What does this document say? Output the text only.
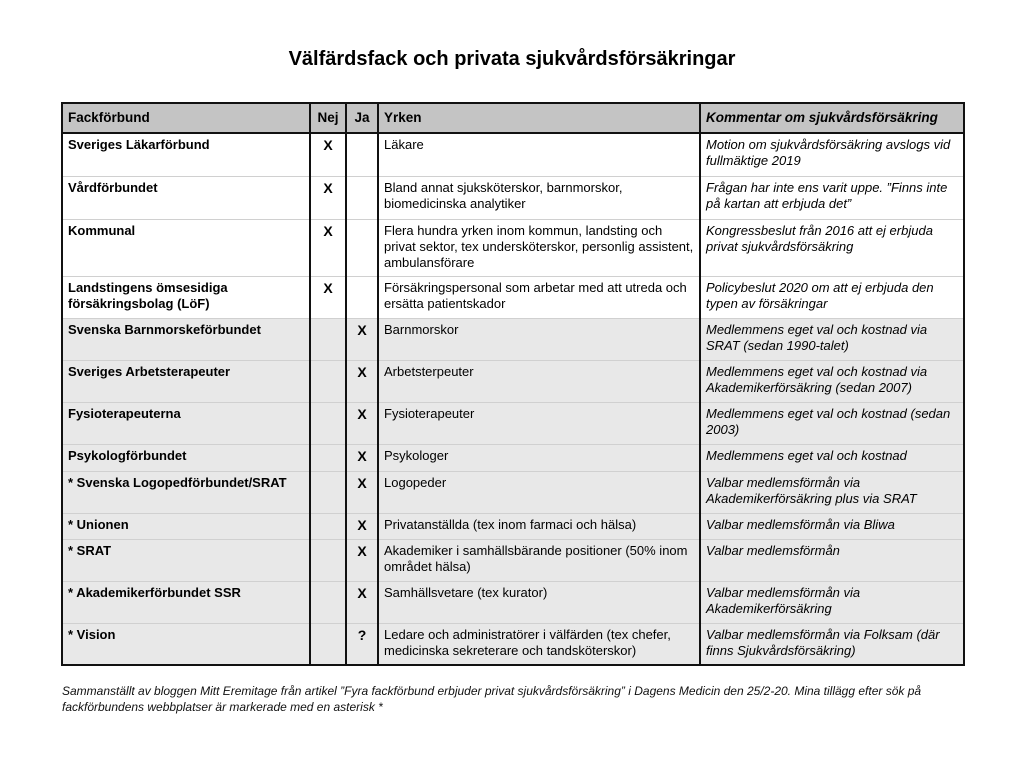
Välfärdsfack och privata sjukvårdsförsäkringar
Fackförbund	Nej	Ja	Yrken	Kommentar om sjukvårdsförsäkring
Sveriges Läkarförbund	X		Läkare	Motion om sjukvårdsförsäkring avslogs vid fullmäktige 2019
Vårdförbundet	X		Bland annat sjuksköterskor, barnmorskor, biomedicinska analytiker	Frågan har inte ens varit uppe. ”Finns inte på kartan att erbjuda det”
Kommunal	X		Flera hundra yrken inom kommun, landsting och privat sektor, tex undersköterskor, personlig assistent, ambulansförare	Kongressbeslut från 2016 att ej erbjuda privat sjukvårdsförsäkring
Landstingens ömsesidiga försäkringsbolag (LöF)	X		Försäkringspersonal som arbetar med att utreda och ersätta patientskador	Policybeslut 2020 om att ej erbjuda den typen av försäkringar
Svenska Barnmorskeförbundet		X	Barnmorskor	Medlemmens eget val och kostnad via SRAT (sedan 1990-talet)
Sveriges Arbetsterapeuter		X	Arbetsterpeuter	Medlemmens eget val och kostnad via Akademikerförsäkring (sedan 2007)
Fysioterapeuterna		X	Fysioterapeuter	Medlemmens eget val och kostnad (sedan 2003)
Psykologförbundet		X	Psykologer	Medlemmens eget val och kostnad
* Svenska Logopedförbundet/SRAT		X	Logopeder	Valbar medlemsförmån via Akademikerförsäkring plus via SRAT
* Unionen		X	Privatanställda (tex inom farmaci och hälsa)	Valbar medlemsförmån via Bliwa
* SRAT		X	Akademiker i samhällsbärande positioner (50% inom området hälsa)	Valbar medlemsförmån
* Akademikerförbundet SSR		X	Samhällsvetare (tex kurator)	Valbar medlemsförmån via Akademikerförsäkring
* Vision		?	Ledare och administratörer i välfärden (tex chefer, medicinska sekreterare och tandsköterskor)	Valbar medlemsförmån via Folksam (där finns Sjukvårdsförsäkring)
Sammanställt av bloggen Mitt Eremitage från artikel ”Fyra fackförbund erbjuder privat sjukvårdsförsäkring” i Dagens Medicin den 25/2-20. Mina tillägg efter sök på fackförbundens webbplatser är markerade med en asterisk *
